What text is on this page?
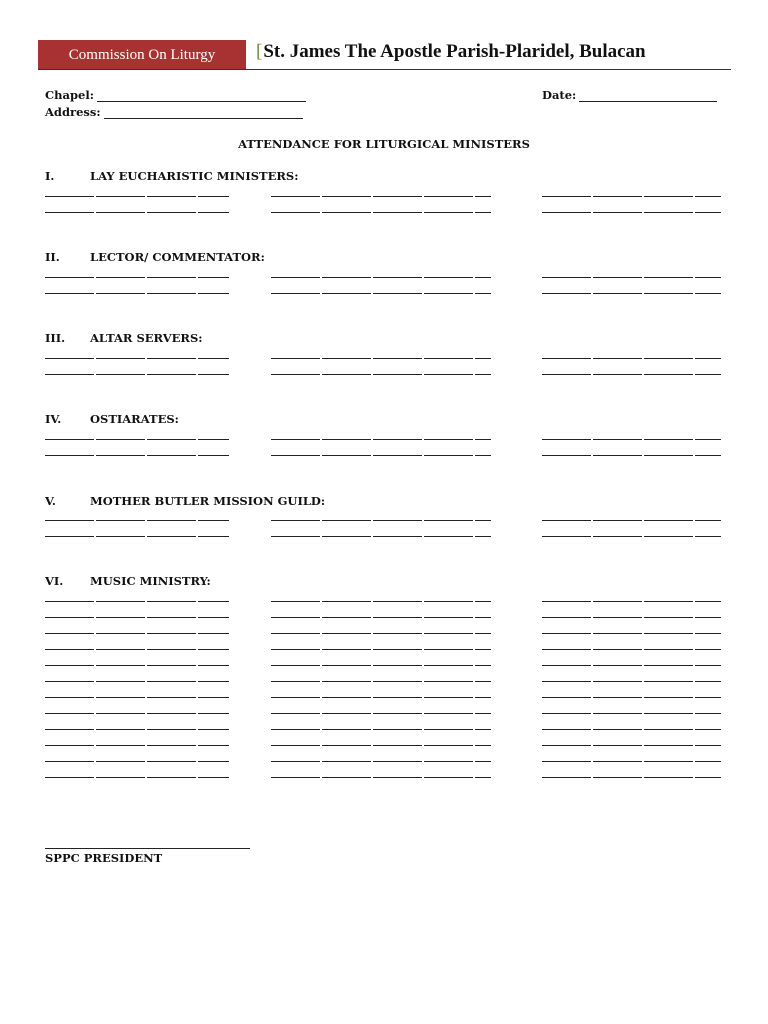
Commission On Liturgy [St. James The Apostle Parish-Plaridel, Bulacan
Chapel:
Address:
Date:
ATTENDANCE FOR LITURGICAL MINISTERS
I.	LAY EUCHARISTIC MINISTERS:
II.	LECTOR/ COMMENTATOR:
III. ALTAR SERVERS:
IV. OSTIARATES:
V.	MOTHER BUTLER MISSION GUILD:
VI. MUSIC MINISTRY:
SPPC PRESIDENT
